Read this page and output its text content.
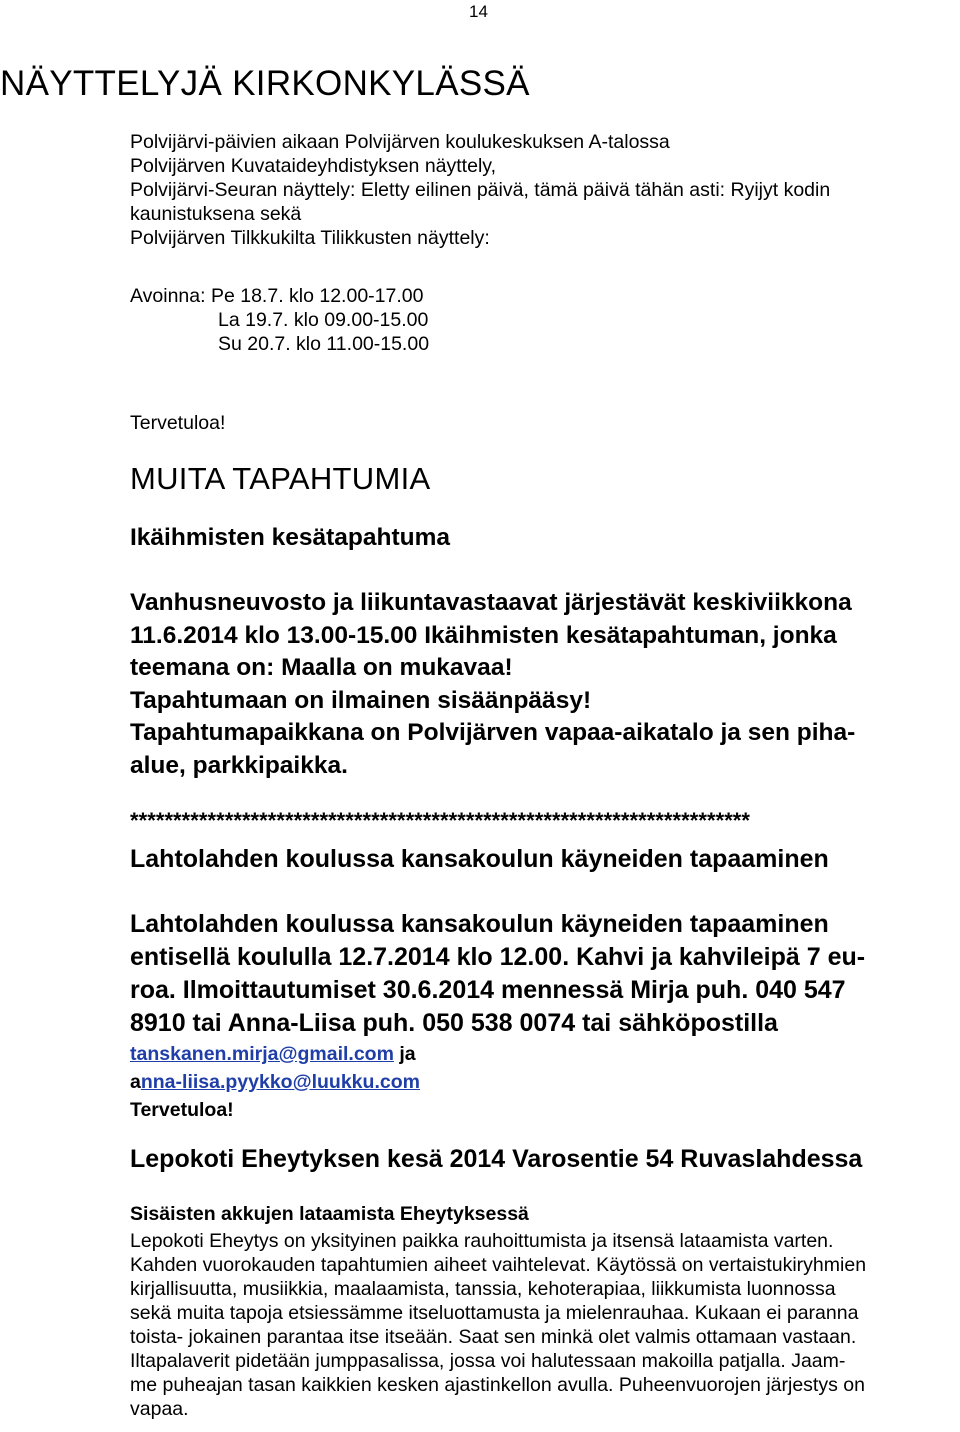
14
NÄYTTELYJÄ KIRKONKYLÄSSÄ

Polvijärvi-päivien aikaan Polvijärven koulukeskuksen A-talossa

Polvijärven Kuvataideyhdistyksen näyttely,

Polvijärvi-Seuran näyttely: Eletty eilinen päivä, tämä päivä tähän asti: Ryijyt kodin

kaunistuksena sekä

Polvijärven Tilkkukilta Tilikkusten näyttely:

Avoinna: Pe 18.7. klo 12.00-17.00
La 19.7. klo 09.00-15.00
Su 20.7. klo 11.00-15.00
Tervetuloa!
MUITA TAPAHTUMIA
Ikäihmisten kesätapahtuma

Vanhusneuvosto ja liikuntavastaavat järjestävät keskiviikkona

11.6.2014 klo 13.00-15.00 Ikäihmisten kesätapahtuman, jonka

teemana on: Maalla on mukavaa!

Tapahtumaan on ilmainen sisäänpääsy!

Tapahtumapaikkana on Polvijärven vapaa-aikatalo ja sen piha-

alue, parkkipaikka.

************************************************************************
Lahtolahden koulussa kansakoulun käyneiden tapaaminen

Lahtolahden koulussa kansakoulun käyneiden tapaaminen

entisellä koululla 12.7.2014 klo 12.00. Kahvi ja kahvileipä 7 eu-

roa. Ilmoittautumiset 30.6.2014 mennessä Mirja puh. 040 547

8910 tai Anna-Liisa puh. 050 538 0074 tai sähköpostilla

tanskanen.mirja@gmail.com ja
anna-liisa.pyykko@luukku.com
Tervetuloa!
Lepokoti Eheytyksen kesä 2014 Varosentie 54 Ruvaslahdessa
Sisäisten akkujen lataamista Eheytyksessä

Lepokoti Eheytys on yksityinen paikka rauhoittumista ja itsensä lataamista varten.

Kahden vuorokauden tapahtumien aiheet vaihtelevat. Käytössä on vertaistukiryhmien

kirjallisuutta, musiikkia, maalaamista, tanssia, kehoterapiaa, liikkumista luonnossa

sekä muita tapoja etsiessämme itseluottamusta ja mielenrauhaa. Kukaan ei paranna

toista- jokainen parantaa itse itseään. Saat sen minkä olet valmis ottamaan vastaan.

Iltapalaverit pidetään jumppasalissa, jossa voi halutessaan makoilla patjalla. Jaam-

me puheajan tasan kaikkien kesken ajastinkellon avulla. Puheenvuorojen järjestys on

vapaa.
